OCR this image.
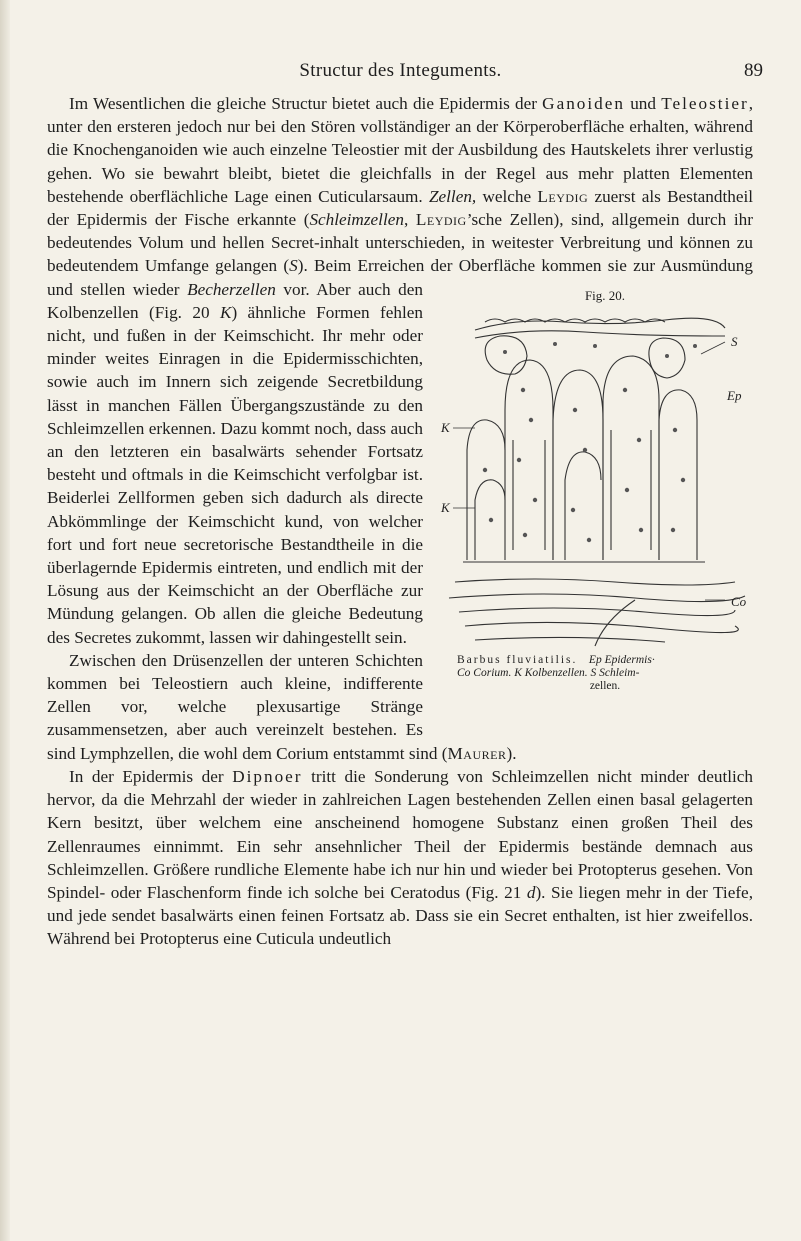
Structur des Integuments.	89

Im Wesentlichen die gleiche Structur bietet auch die Epidermis der Ganoiden und Teleostier, unter den ersteren jedoch nur bei den Stören vollständiger an der Körperoberfläche erhalten, während die Knochenganoiden wie auch einzelne Teleostier mit der Ausbildung des Hautskelets ihrer verlustig gehen. Wo sie bewahrt bleibt, bietet die gleichfalls in der Regel aus mehr platten Elementen bestehende oberflächliche Lage einen Cuticularsaum. Zellen, welche Leydig zuerst als Bestandtheil der Epidermis der Fische erkannte (Schleimzellen, Leydig’sche Zellen), sind, allgemein durch ihr bedeutendes Volum und hellen Secret-inhalt unterschieden, in weitester Verbreitung und können zu bedeutendem Umfange gelangen (S). Beim Erreichen der Oberfläche kommen sie zur Ausmündung und stellen wieder	Fig. 20.
S
Ep
K
K
Co
Barbus fluviatilis. Ep Epidermis·
Co Corium. K Kolbenzellen. S Schleim-
zellen.
Becherzellen vor. Aber auch den Kolbenzellen (Fig. 20 K) ähnliche Formen fehlen nicht, und fußen in der Keimschicht. Ihr mehr oder minder weites Einragen in die Epidermisschichten, sowie auch im Innern sich zeigende Secretbildung lässt in manchen Fällen Übergangszustände zu den Schleimzellen erkennen. Dazu kommt noch, dass auch an den letzteren ein basalwärts sehender Fortsatz besteht und oftmals in die Keimschicht verfolgbar ist. Beiderlei Zellformen geben sich dadurch als directe Abkömmlinge der Keimschicht kund, von welcher fort und fort neue secretorische Bestandtheile in die überlagernde Epidermis eintreten, und endlich mit der Lösung aus der Keimschicht an der Oberfläche zur Mündung gelangen. Ob allen die gleiche Bedeutung des Secretes zukommt, lassen wir dahingestellt sein.

Zwischen den Drüsenzellen der unteren Schichten kommen bei Teleostiern auch kleine, indifferente Zellen vor, welche plexusartige Stränge zusammensetzen, aber auch vereinzelt bestehen. Es sind Lymphzellen, die wohl dem Corium entstammt sind (Maurer).

In der Epidermis der Dipnoer tritt die Sonderung von Schleimzellen nicht minder deutlich hervor, da die Mehrzahl der wieder in zahlreichen Lagen bestehenden Zellen einen basal gelagerten Kern besitzt, über welchem eine anscheinend homogene Substanz einen großen Theil des Zellenraumes einnimmt. Ein sehr ansehnlicher Theil der Epidermis bestände demnach aus Schleimzellen. Größere rundliche Elemente habe ich nur hin und wieder bei Protopterus gesehen. Von Spindel- oder Flaschenform finde ich solche bei Ceratodus (Fig. 21 d). Sie liegen mehr in der Tiefe, und jede sendet basalwärts einen feinen Fortsatz ab. Dass sie ein Secret enthalten, ist hier zweifellos. Während bei Protopterus eine Cuticula undeutlich
